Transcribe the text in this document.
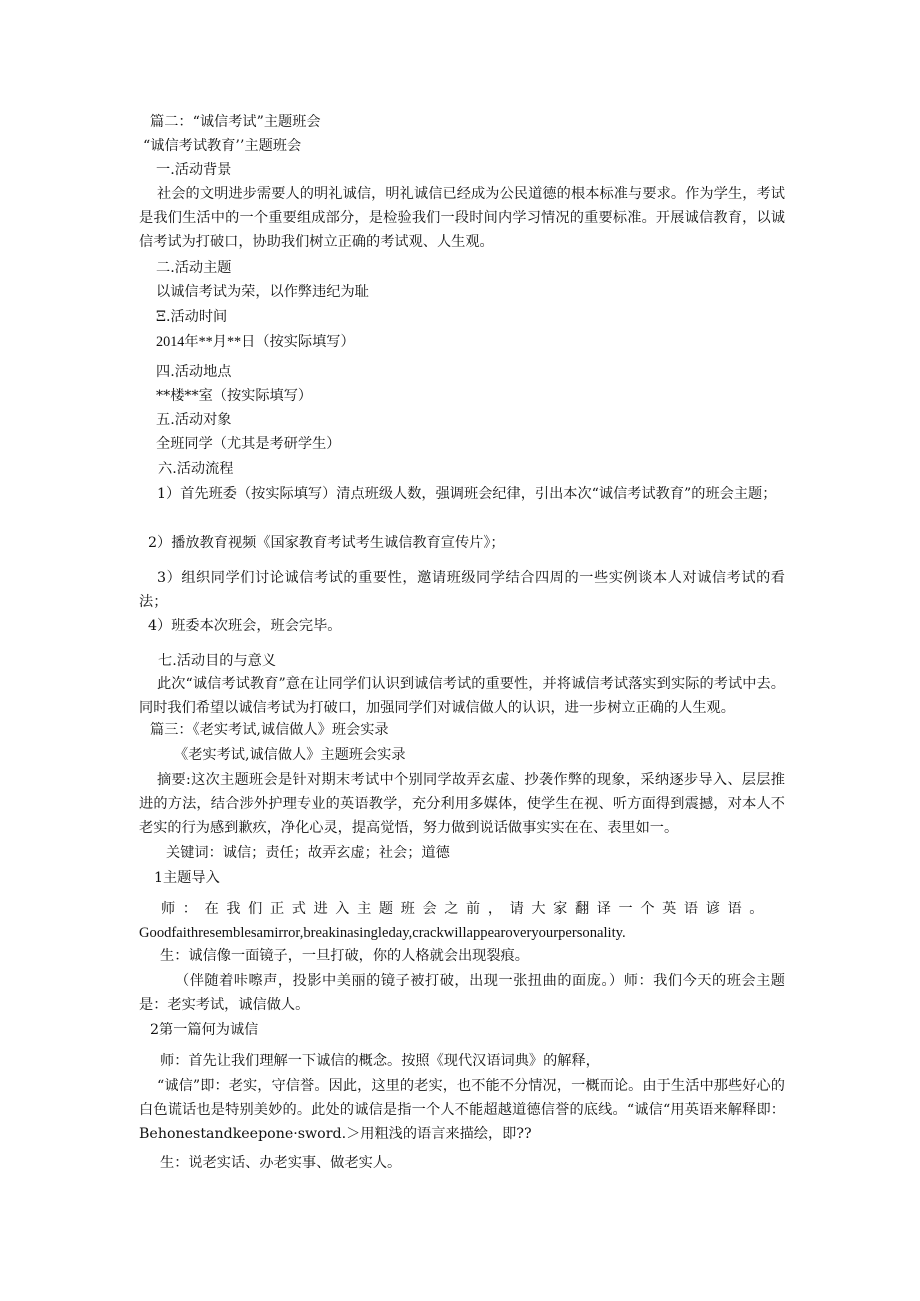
篇二：“诚信考试”主题班会
“诚信考试教育’’主题班会
一.活动背景
社会的文明进步需要人的明礼诚信，明礼诚信已经成为公民道德的根本标准与要求。作为学生，考试是我们生活中的一个重要组成部分，是检验我们一段时间内学习情况的重要标准。开展诚信教育，以诚信考试为打破口，协助我们树立正确的考试观、人生观。
二.活动主题
以诚信考试为荣，以作弊违纪为耻
Ξ.活动时间
2014年**月**日（按实际填写）
四.活动地点
**楼**室（按实际填写）
五.活动对象
全班同学（尤其是考研学生）
六.活动流程
1）首先班委（按实际填写）清点班级人数，强调班会纪律，引出本次“诚信考试教育”的班会主题；
2）播放教育视频《国家教育考试考生诚信教育宣传片》；
3）组织同学们讨论诚信考试的重要性，邀请班级同学结合四周的一些实例谈本人对诚信考试的看法；
4）班委本次班会，班会完毕。
七.活动目的与意义
此次“诚信考试教育”意在让同学们认识到诚信考试的重要性，并将诚信考试落实到实际的考试中去。同时我们希望以诚信考试为打破口，加强同学们对诚信做人的认识，进一步树立正确的人生观。
篇三：《老实考试,诚信做人》班会实录
《老实考试,诚信做人》主题班会实录
摘要:这次主题班会是针对期末考试中个别同学故弄玄虚、抄袭作弊的现象，采纳逐步导入、层层推进的方法，结合涉外护理专业的英语教学，充分利用多媒体，使学生在视、听方面得到震撼，对本人不老实的行为感到歉疚，净化心灵，提高觉悟，努力做到说话做事实实在在、表里如一。
关键词：诚信；责任；故弄玄虚；社会；道德
1主题导入
师：在我们正式进入主题班会之前，请大家翻译一个英语谚语。
Goodfaithresemblesamirror,breakinasingleday,crackwillappearoveryourpersonality.
生：诚信像一面镜子，一旦打破，你的人格就会出现裂痕。
（伴随着咔嚓声，投影中美丽的镜子被打破，出现一张扭曲的面庞。）师：我们今天的班会主题是：老实考试，诚信做人。
2第一篇何为诚信
师：首先让我们理解一下诚信的概念。按照《现代汉语词典》的解释，
“诚信”即：老实，守信誉。因此，这里的老实，也不能不分情况，一概而论。由于生活中那些好心的白色谎话也是特别美妙的。此处的诚信是指一个人不能超越道德信誉的底线。“诚信“用英语来解释即：Behonestandkeepone·sword.＞用粗浅的语言来描绘，即??
生：说老实话、办老实事、做老实人。
